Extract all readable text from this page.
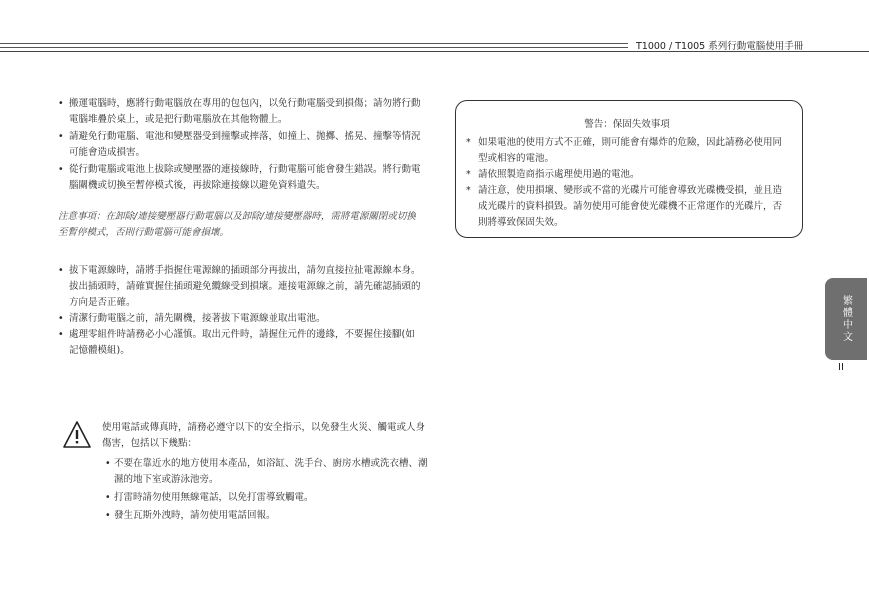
T1000 / T1005 系列行動電腦使用手冊
• 搬運電腦時，應將行動電腦放在專用的包包內，以免行動電腦受到損傷；請勿將行動電腦堆疊於桌上，或是把行動電腦放在其他物體上。
• 請避免行動電腦、電池和變壓器受到撞擊或摔落，如撞上、拋擲、搖晃、撞擊等情況可能會造成損害。
• 從行動電腦或電池上拔除或變壓器的連接線時，行動電腦可能會發生錯誤。將行動電腦關機或切換至暫停模式後，再拔除連接線以避免資料遺失。
注意事項：在卸除/連接變壓器行動電腦以及卸除/連接變壓器時，需將電源關閉或切換至暫停模式，否則行動電腦可能會損壞。
• 拔下電源線時，請將手指握住電源線的插頭部分再拔出，請勿直接拉扯電源線本身。拔出插頭時，請確實握住插頭避免纜線受到損壞。連接電源線之前，請先確認插頭的方向是否正確。
• 清潔行動電腦之前，請先關機，接著拔下電源線並取出電池。
• 處理零組件時請務必小心謹慎。取出元件時，請握住元件的邊緣，不要握住接腳(如記憶體模組)。
使用電話或傳真時，請務必遵守以下的安全指示，以免發生火災、觸電或人身傷害，包括以下幾點：
• 不要在靠近水的地方使用本產品，如浴缸、洗手台、廚房水槽或洗衣槽、潮濕的地下室或游泳池旁。
• 打雷時請勿使用無線電話，以免打雷導致觸電。
• 發生瓦斯外洩時，請勿使用電話回報。
警告：保固失效事項
* 如果電池的使用方式不正確，則可能會有爆炸的危險，因此請務必使用同型或相容的電池。
* 請依照製造商指示處理使用過的電池。
* 請注意，使用損壞、變形或不當的光碟片可能會導致光碟機受損，並且造成光碟片的資料損毀。請勿使用可能會使光碟機不正常運作的光碟片，否則將導致保固失效。
繁體中文
II
